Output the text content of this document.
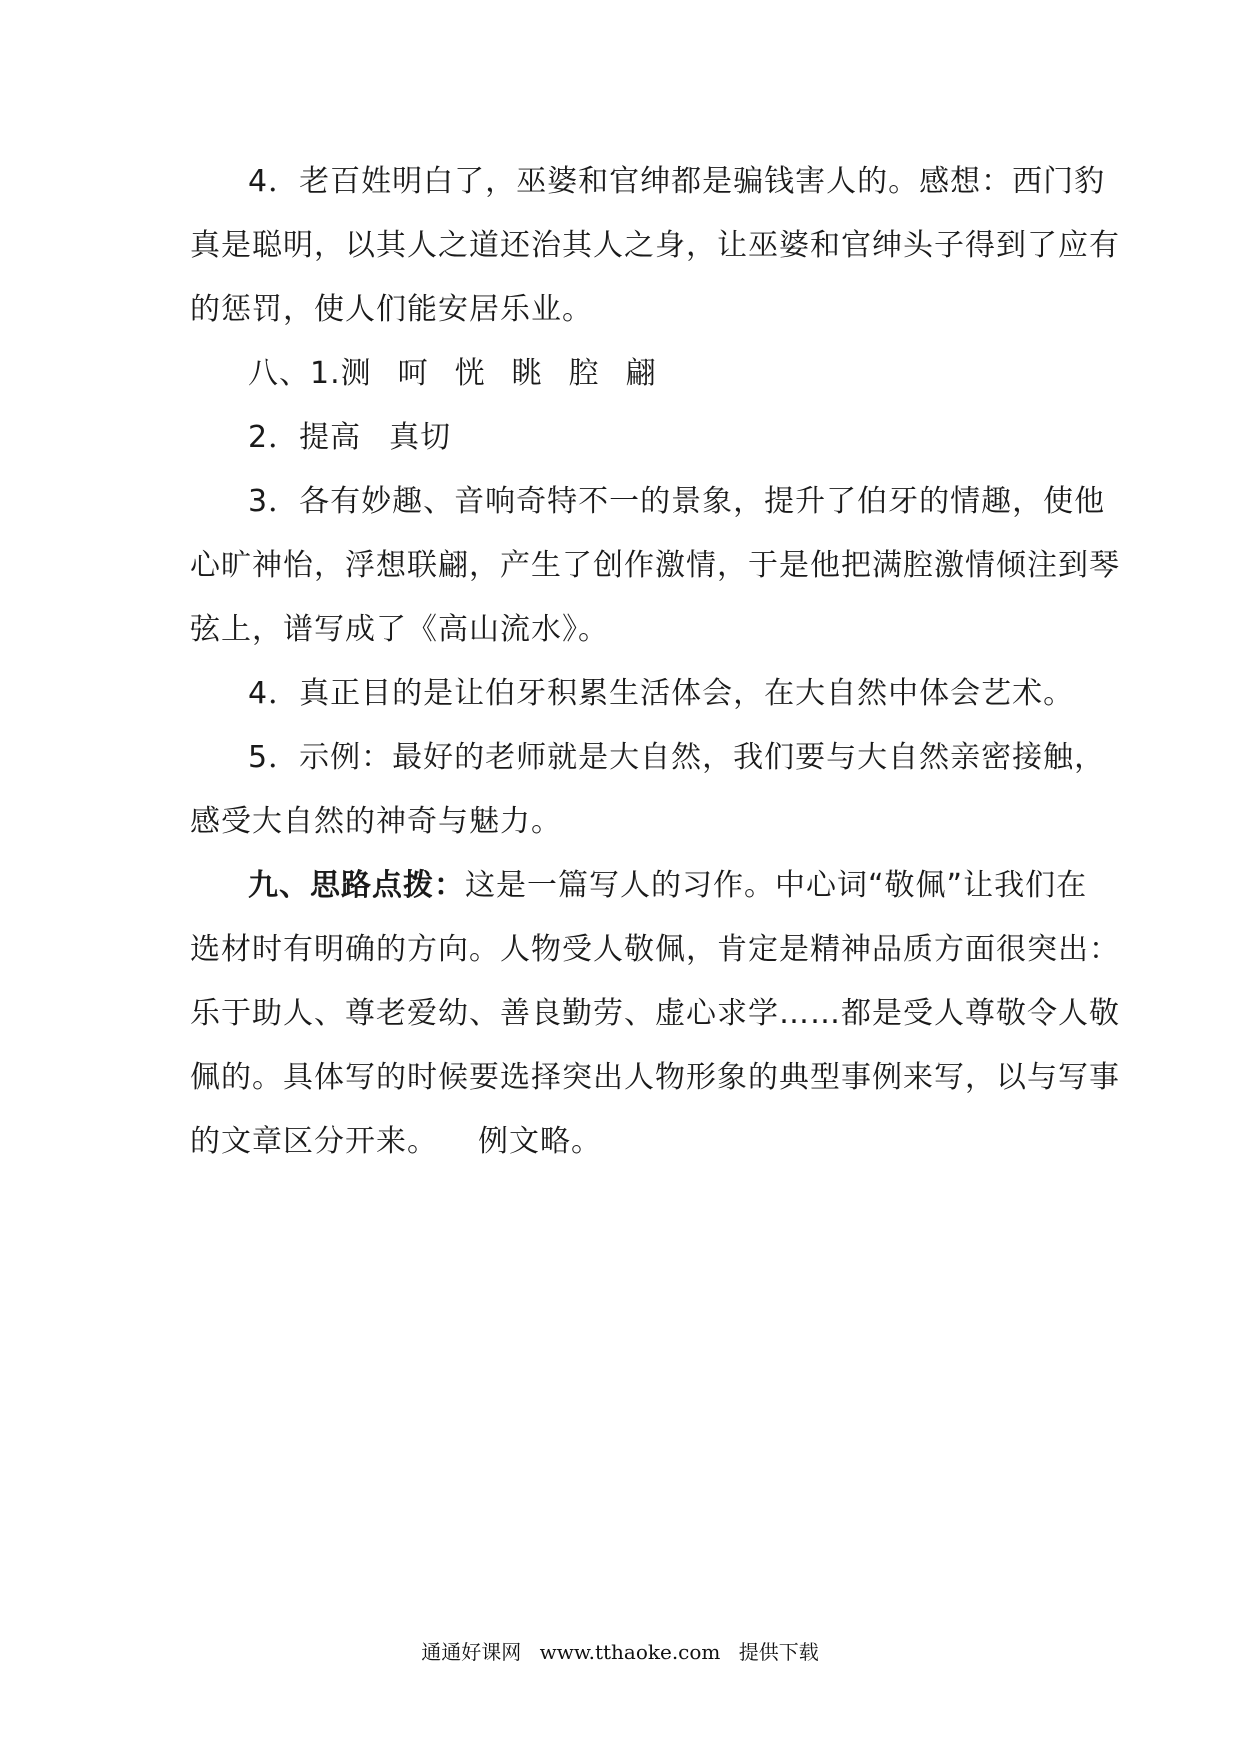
4．老百姓明白了，巫婆和官绅都是骗钱害人的。感想：西门豹
真是聪明，以其人之道还治其人之身，让巫婆和官绅头子得到了应有
的惩罚，使人们能安居乐业。
八、1.测 呵 恍 眺 腔 翩
2．提高 真切
3．各有妙趣、音响奇特不一的景象，提升了伯牙的情趣，使他
心旷神怡，浮想联翩，产生了创作激情，于是他把满腔激情倾注到琴
弦上，谱写成了《高山流水》。
4．真正目的是让伯牙积累生活体会，在大自然中体会艺术。
5．示例：最好的老师就是大自然，我们要与大自然亲密接触，
感受大自然的神奇与魅力。
九、思路点拨：这是一篇写人的习作。中心词“敬佩”让我们在
选材时有明确的方向。人物受人敬佩，肯定是精神品质方面很突出：
乐于助人、尊老爱幼、善良勤劳、虚心求学……都是受人尊敬令人敬
佩的。具体写的时候要选择突出人物形象的典型事例来写，以与写事
的文章区分开来。 例文略。
通通好课网 www.tthaoke.com 提供下载
